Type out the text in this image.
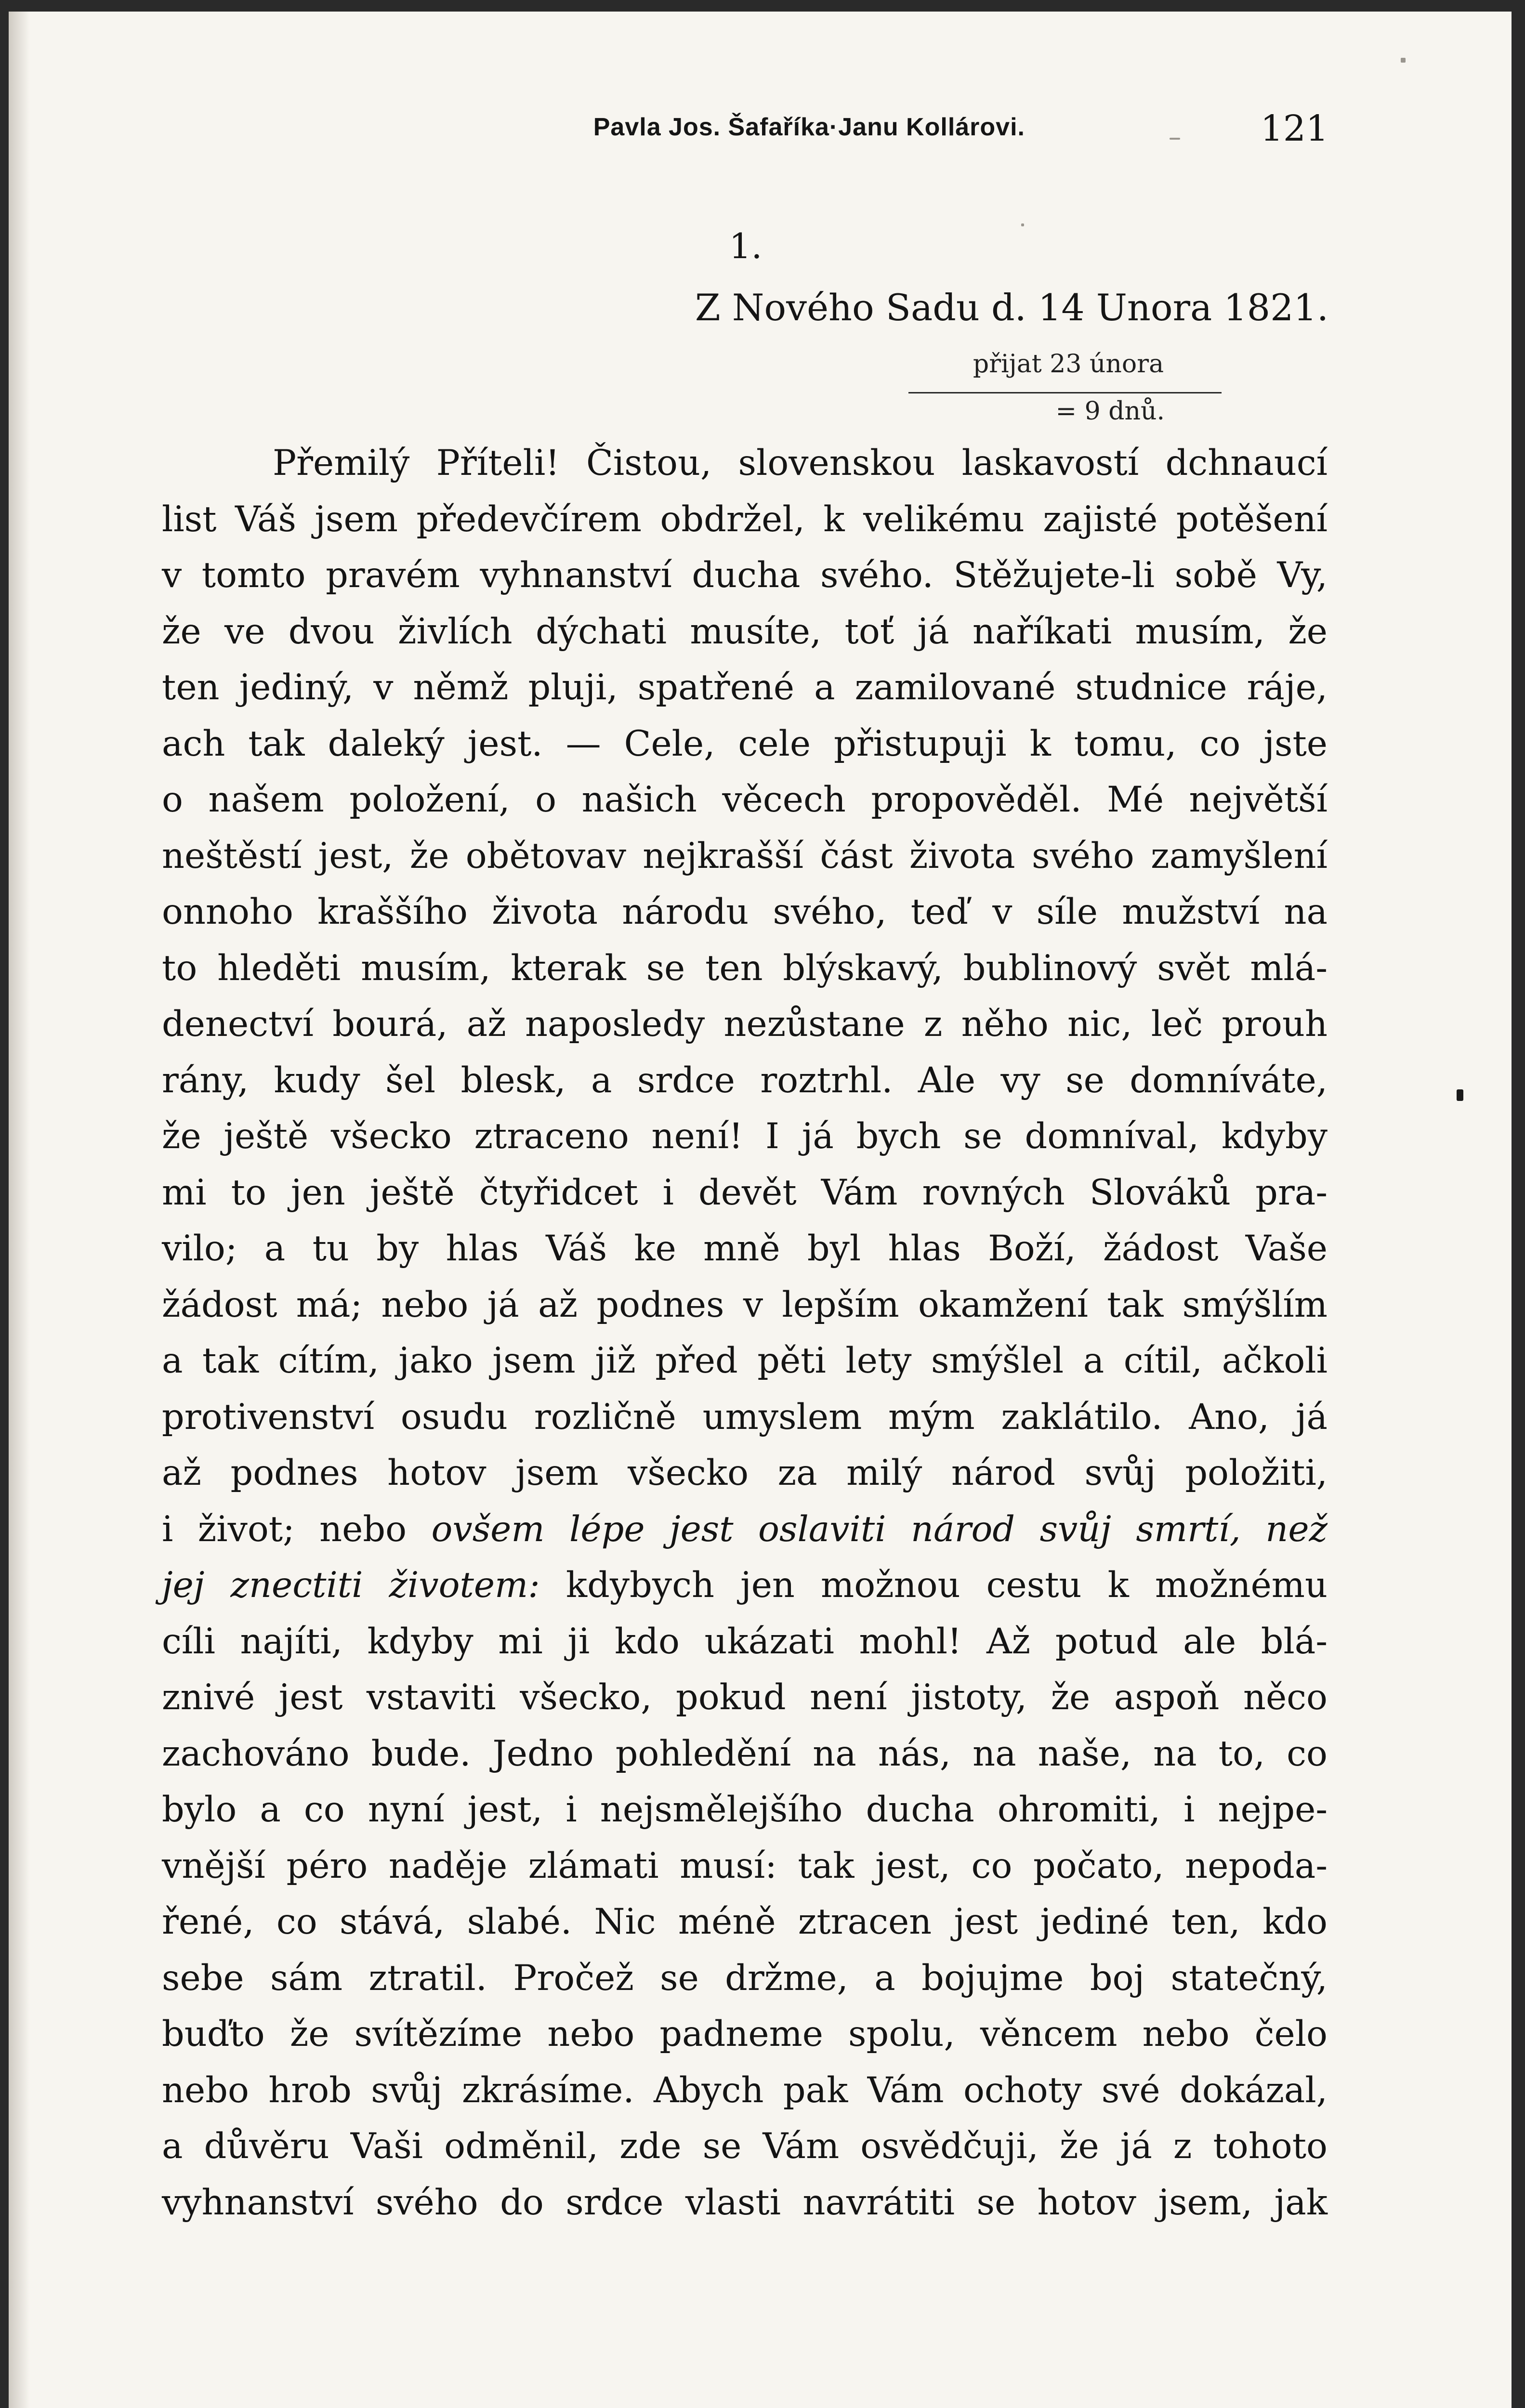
Pavla Jos. Šafaříka·Janu Kollárovi.	121
1.
Z Nového Sadu d. 14 Unora 1821.
přijat 23 února
= 9 dnů.
Přemilý Příteli! Čistou, slovenskou laskavostí dchnaucí
list Váš jsem předevčírem obdržel, k velikému zajisté potěšení
v tomto pravém vyhnanství ducha svého. Stěžujete-li sobě Vy,
že ve dvou živlích dýchati musíte, toť já naříkati musím, že
ten jediný, v němž pluji, spatřené a zamilované studnice ráje,
ach tak daleký jest. — Cele, cele přistupuji k tomu, co jste
o našem položení, o našich věcech propověděl. Mé největší
neštěstí jest, že obětovav nejkrašší část života svého zamyšlení
onnoho kraššího života národu svého, teď v síle mužství na
to hleděti musím, kterak se ten blýskavý, bublinový svět mlá-
denectví bourá, až naposledy nezůstane z něho nic, leč prouh
rány, kudy šel blesk, a srdce roztrhl. Ale vy se domníváte,
že ještě všecko ztraceno není! I já bych se domníval, kdyby
mi to jen ještě čtyřidcet i devět Vám rovných Slováků pra-
vilo; a tu by hlas Váš ke mně byl hlas Boží, žádost Vaše
žádost má; nebo já až podnes v lepším okamžení tak smýšlím
a tak cítím, jako jsem již před pěti lety smýšlel a cítil, ačkoli
protivenství osudu rozličně umyslem mým zaklátilo. Ano, já
až podnes hotov jsem všecko za milý národ svůj položiti,
i život; nebo ovšem lépe jest oslaviti národ svůj smrtí, než
jej znectiti životem: kdybych jen možnou cestu k možnému
cíli najíti, kdyby mi ji kdo ukázati mohl! Až potud ale blá-
znivé jest vstaviti všecko, pokud není jistoty, že aspoň něco
zachováno bude. Jedno pohledění na nás, na naše, na to, co
bylo a co nyní jest, i nejsmělejšího ducha ohromiti, i nejpe-
vnější péro naděje zlámati musí: tak jest, co počato, nepoda-
řené, co stává, slabé. Nic méně ztracen jest jediné ten, kdo
sebe sám ztratil. Pročež se držme, a bojujme boj statečný,
buďto že svítězíme nebo padneme spolu, věncem nebo čelo
nebo hrob svůj zkrásíme. Abych pak Vám ochoty své dokázal,
a důvěru Vaši odměnil, zde se Vám osvědčuji, že já z tohoto
vyhnanství svého do srdce vlasti navrátiti se hotov jsem, jak
